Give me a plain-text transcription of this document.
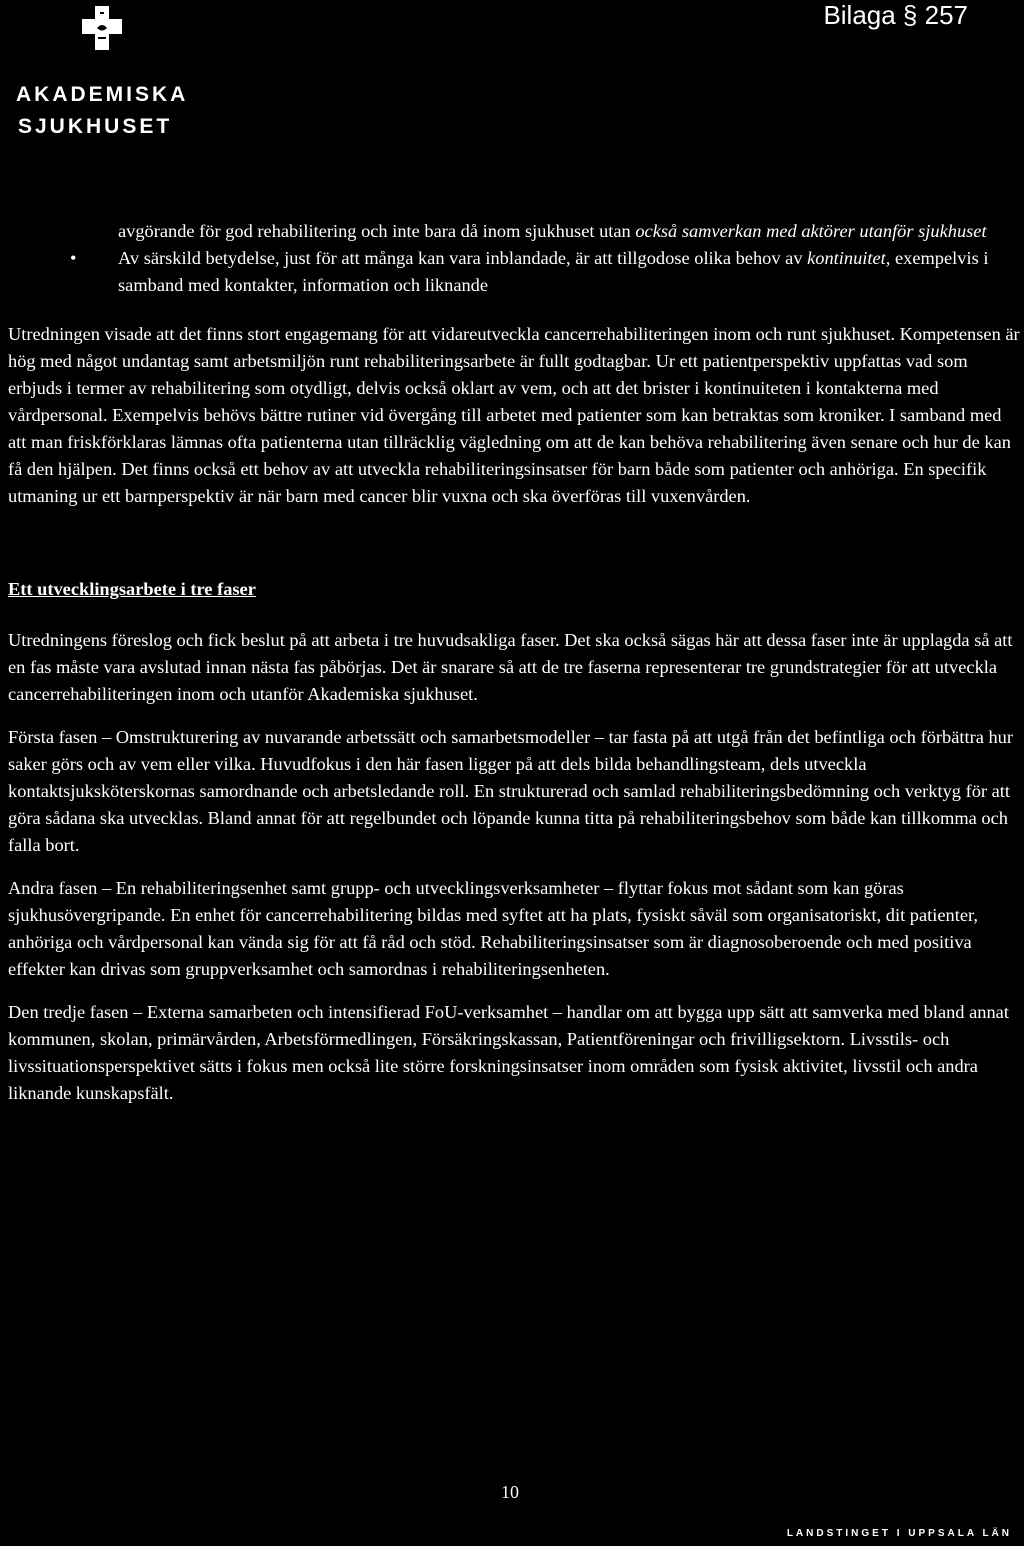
AKADEMISKA
SJUKHUSET
Bilaga § 257

avgörande för god rehabilitering och inte bara då inom sjukhuset utan också samverkan med aktörer utanför sjukhuset

• Av särskild betydelse, just för att många kan vara inblandade, är att tillgodose olika behov av kontinuitet, exempelvis i samband med kontakter, information och liknande

Utredningen visade att det finns stort engagemang för att vidareutveckla cancerrehabiliteringen inom och runt sjukhuset. Kompetensen är hög med något undantag samt arbetsmiljön runt rehabiliteringsarbete är fullt godtagbar. Ur ett patientperspektiv uppfattas vad som erbjuds i termer av rehabilitering som otydligt, delvis också oklart av vem, och att det brister i kontinuiteten i kontakterna med vårdpersonal. Exempelvis behövs bättre rutiner vid övergång till arbetet med patienter som kan betraktas som kroniker. I samband med att man friskförklaras lämnas ofta patienterna utan tillräcklig vägledning om att de kan behöva rehabilitering även senare och hur de kan få den hjälpen. Det finns också ett behov av att utveckla rehabiliteringsinsatser för barn både som patienter och anhöriga. En specifik utmaning ur ett barnperspektiv är när barn med cancer blir vuxna och ska överföras till vuxenvården.

Ett utvecklingsarbete i tre faser

Utredningens föreslog och fick beslut på att arbeta i tre huvudsakliga faser. Det ska också sägas här att dessa faser inte är upplagda så att en fas måste vara avslutad innan nästa fas påbörjas. Det är snarare så att de tre faserna representerar tre grundstrategier för att utveckla cancerrehabiliteringen inom och utanför Akademiska sjukhuset.

Första fasen – Omstrukturering av nuvarande arbetssätt och samarbetsmodeller – tar fasta på att utgå från det befintliga och förbättra hur saker görs och av vem eller vilka. Huvudfokus i den här fasen ligger på att dels bilda behandlingsteam, dels utveckla kontaktsjuksköterskornas samordnande och arbetsledande roll. En strukturerad och samlad rehabiliteringsbedömning och verktyg för att göra sådana ska utvecklas. Bland annat för att regelbundet och löpande kunna titta på rehabiliteringsbehov som både kan tillkomma och falla bort.

Andra fasen – En rehabiliteringsenhet samt grupp- och utvecklingsverksamheter – flyttar fokus mot sådant som kan göras sjukhusövergripande. En enhet för cancerrehabilitering bildas med syftet att ha plats, fysiskt såväl som organisatoriskt, dit patienter, anhöriga och vårdpersonal kan vända sig för att få råd och stöd. Rehabiliteringsinsatser som är diagnosoberoende och med positiva effekter kan drivas som gruppverksamhet och samordnas i rehabiliteringsenheten.

Den tredje fasen – Externa samarbeten och intensifierad FoU-verksamhet – handlar om att bygga upp sätt att samverka med bland annat kommunen, skolan, primärvården, Arbetsförmedlingen, Försäkringskassan, Patientföreningar och frivilligsektorn. Livsstils- och livssituationsperspektivet sätts i fokus men också lite större forskningsinsatser inom områden som fysisk aktivitet, livsstil och andra liknande kunskapsfält.

10
LANDSTINGET I UPPSALA LÄN
